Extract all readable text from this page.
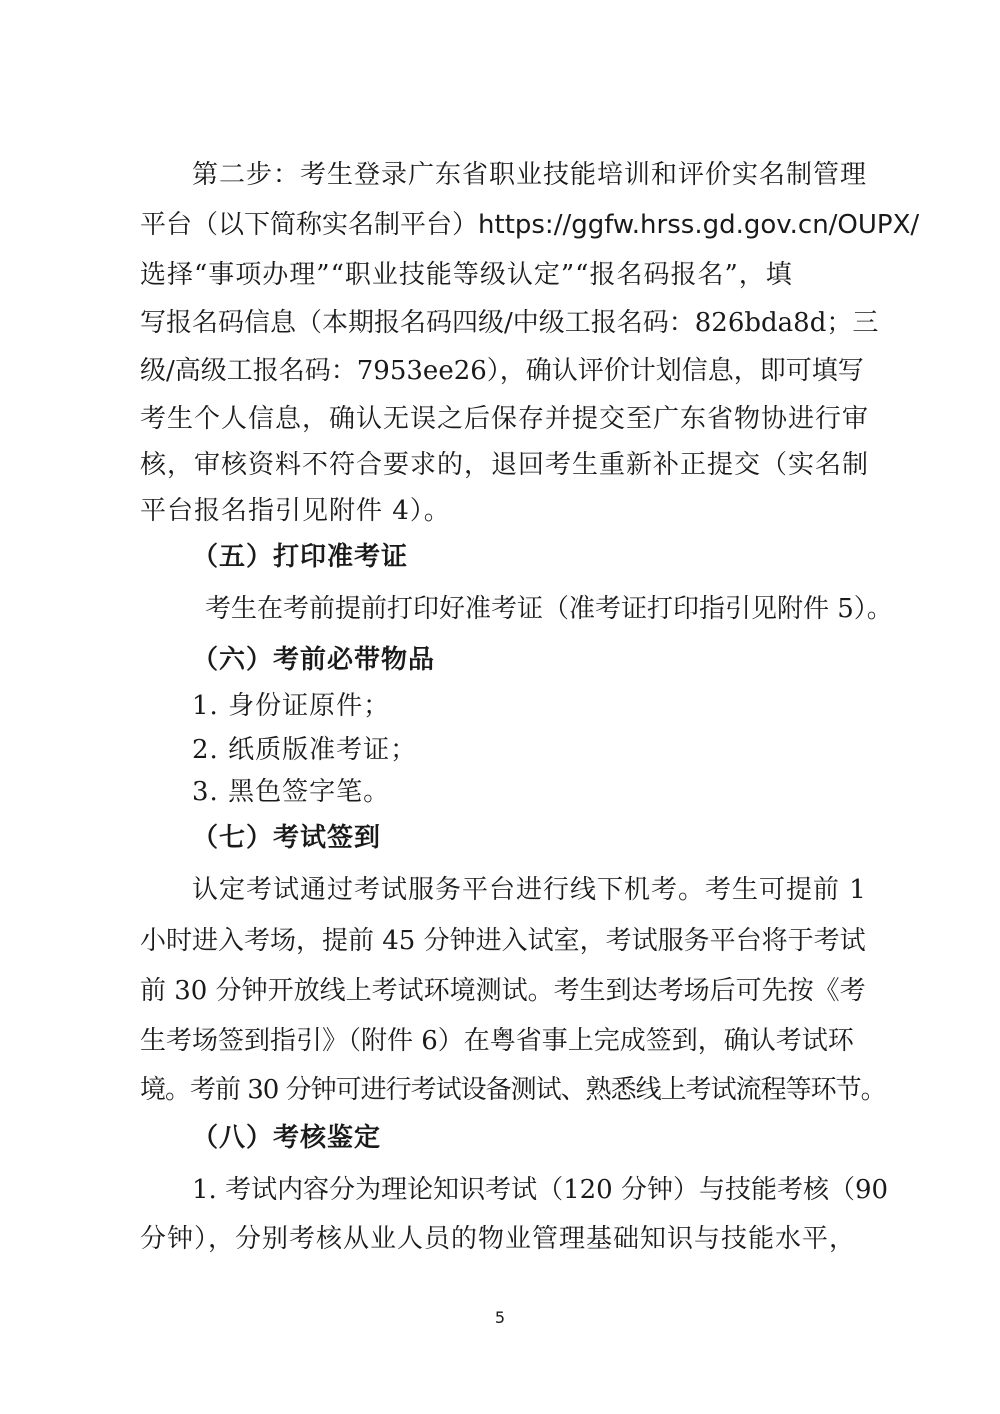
第二步：考生登录广东省职业技能培训和评价实名制管理
平台（以下简称实名制平台）https://ggfw.hrss.gd.gov.cn/OUPX/
选择“事项办理”“职业技能等级认定”“报名码报名”，填
写报名码信息（本期报名码四级/中级工报名码：826bda8d；三
级/高级工报名码：7953ee26），确认评价计划信息，即可填写
考生个人信息，确认无误之后保存并提交至广东省物协进行审
核，审核资料不符合要求的，退回考生重新补正提交（实名制
平台报名指引见附件 4）。
（五）打印准考证
考生在考前提前打印好准考证（准考证打印指引见附件 5）。
（六）考前必带物品
1. 身份证原件；
2. 纸质版准考证；
3. 黑色签字笔。
（七）考试签到
认定考试通过考试服务平台进行线下机考。考生可提前 1
小时进入考场，提前 45 分钟进入试室，考试服务平台将于考试
前 30 分钟开放线上考试环境测试。考生到达考场后可先按《考
生考场签到指引》（附件 6）在粤省事上完成签到，确认考试环
境。考前 30 分钟可进行考试设备测试、熟悉线上考试流程等环节。
（八）考核鉴定
1. 考试内容分为理论知识考试（120 分钟）与技能考核（90
分钟），分别考核从业人员的物业管理基础知识与技能水平，
5
